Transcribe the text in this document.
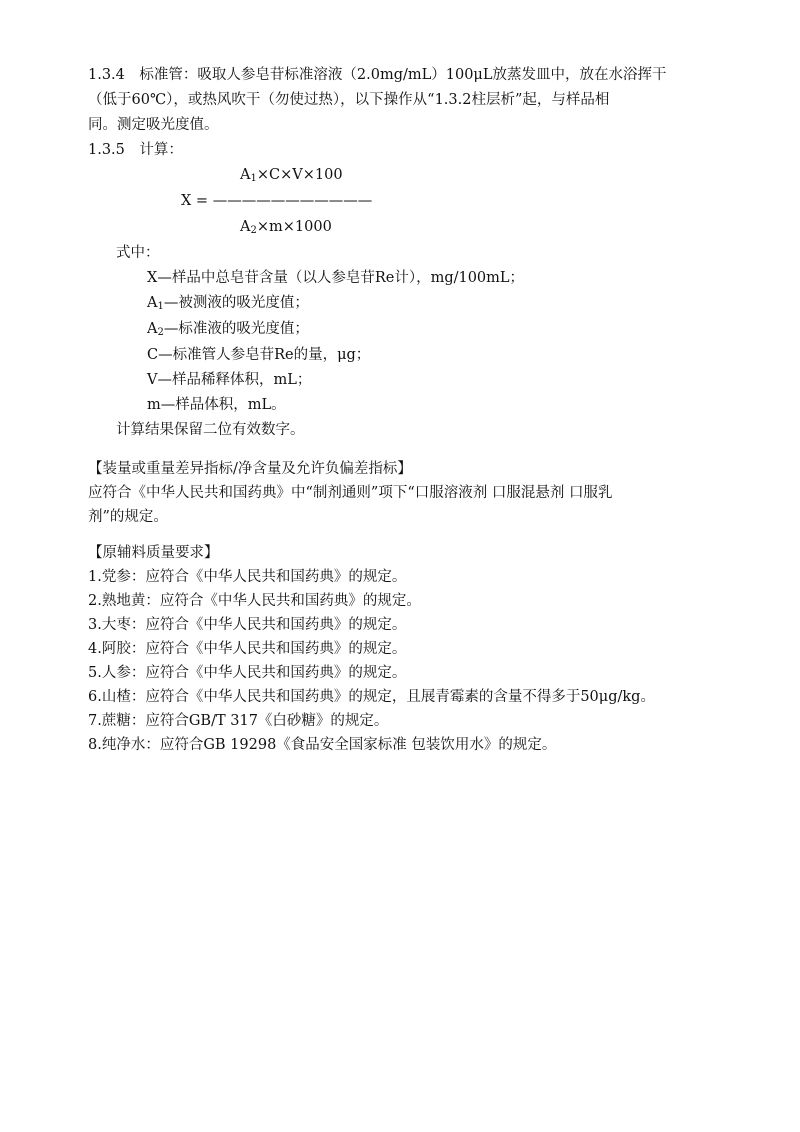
1.3.4　标准管：吸取人参皂苷标准溶液（2.0mg/mL）100μL放蒸发皿中，放在水浴挥干
（低于60℃），或热风吹干（勿使过热），以下操作从“1.3.2柱层析”起，与样品相
同。测定吸光度值。
1.3.5　计算：
$A_1\times C\times V\times 100$
X = ———————————
$A_2\times m\times 1000$
式中：
X—样品中总皂苷含量（以人参皂苷Re计），mg/100mL；
$A_1—$被测液的吸光度值；
$A_2—$标准液的吸光度值；
C—标准管人参皂苷Re的量，μg；
V—样品稀释体积，mL；
m—样品体积，mL。
计算结果保留二位有效数字。
【装量或重量差异指标/净含量及允许负偏差指标】
应符合《中华人民共和国药典》中“制剂通则”项下“口服溶液剂 口服混悬剂 口服乳
剂”的规定。
【原辅料质量要求】
1.党参：应符合《中华人民共和国药典》的规定。
2.熟地黄：应符合《中华人民共和国药典》的规定。
3.大枣：应符合《中华人民共和国药典》的规定。
4.阿胶：应符合《中华人民共和国药典》的规定。
5.人参：应符合《中华人民共和国药典》的规定。
6.山楂：应符合《中华人民共和国药典》的规定，且展青霉素的含量不得多于50μg/kg。
7.蔗糖：应符合GB/T 317《白砂糖》的规定。
8.纯净水：应符合GB 19298《食品安全国家标准 包装饮用水》的规定。
